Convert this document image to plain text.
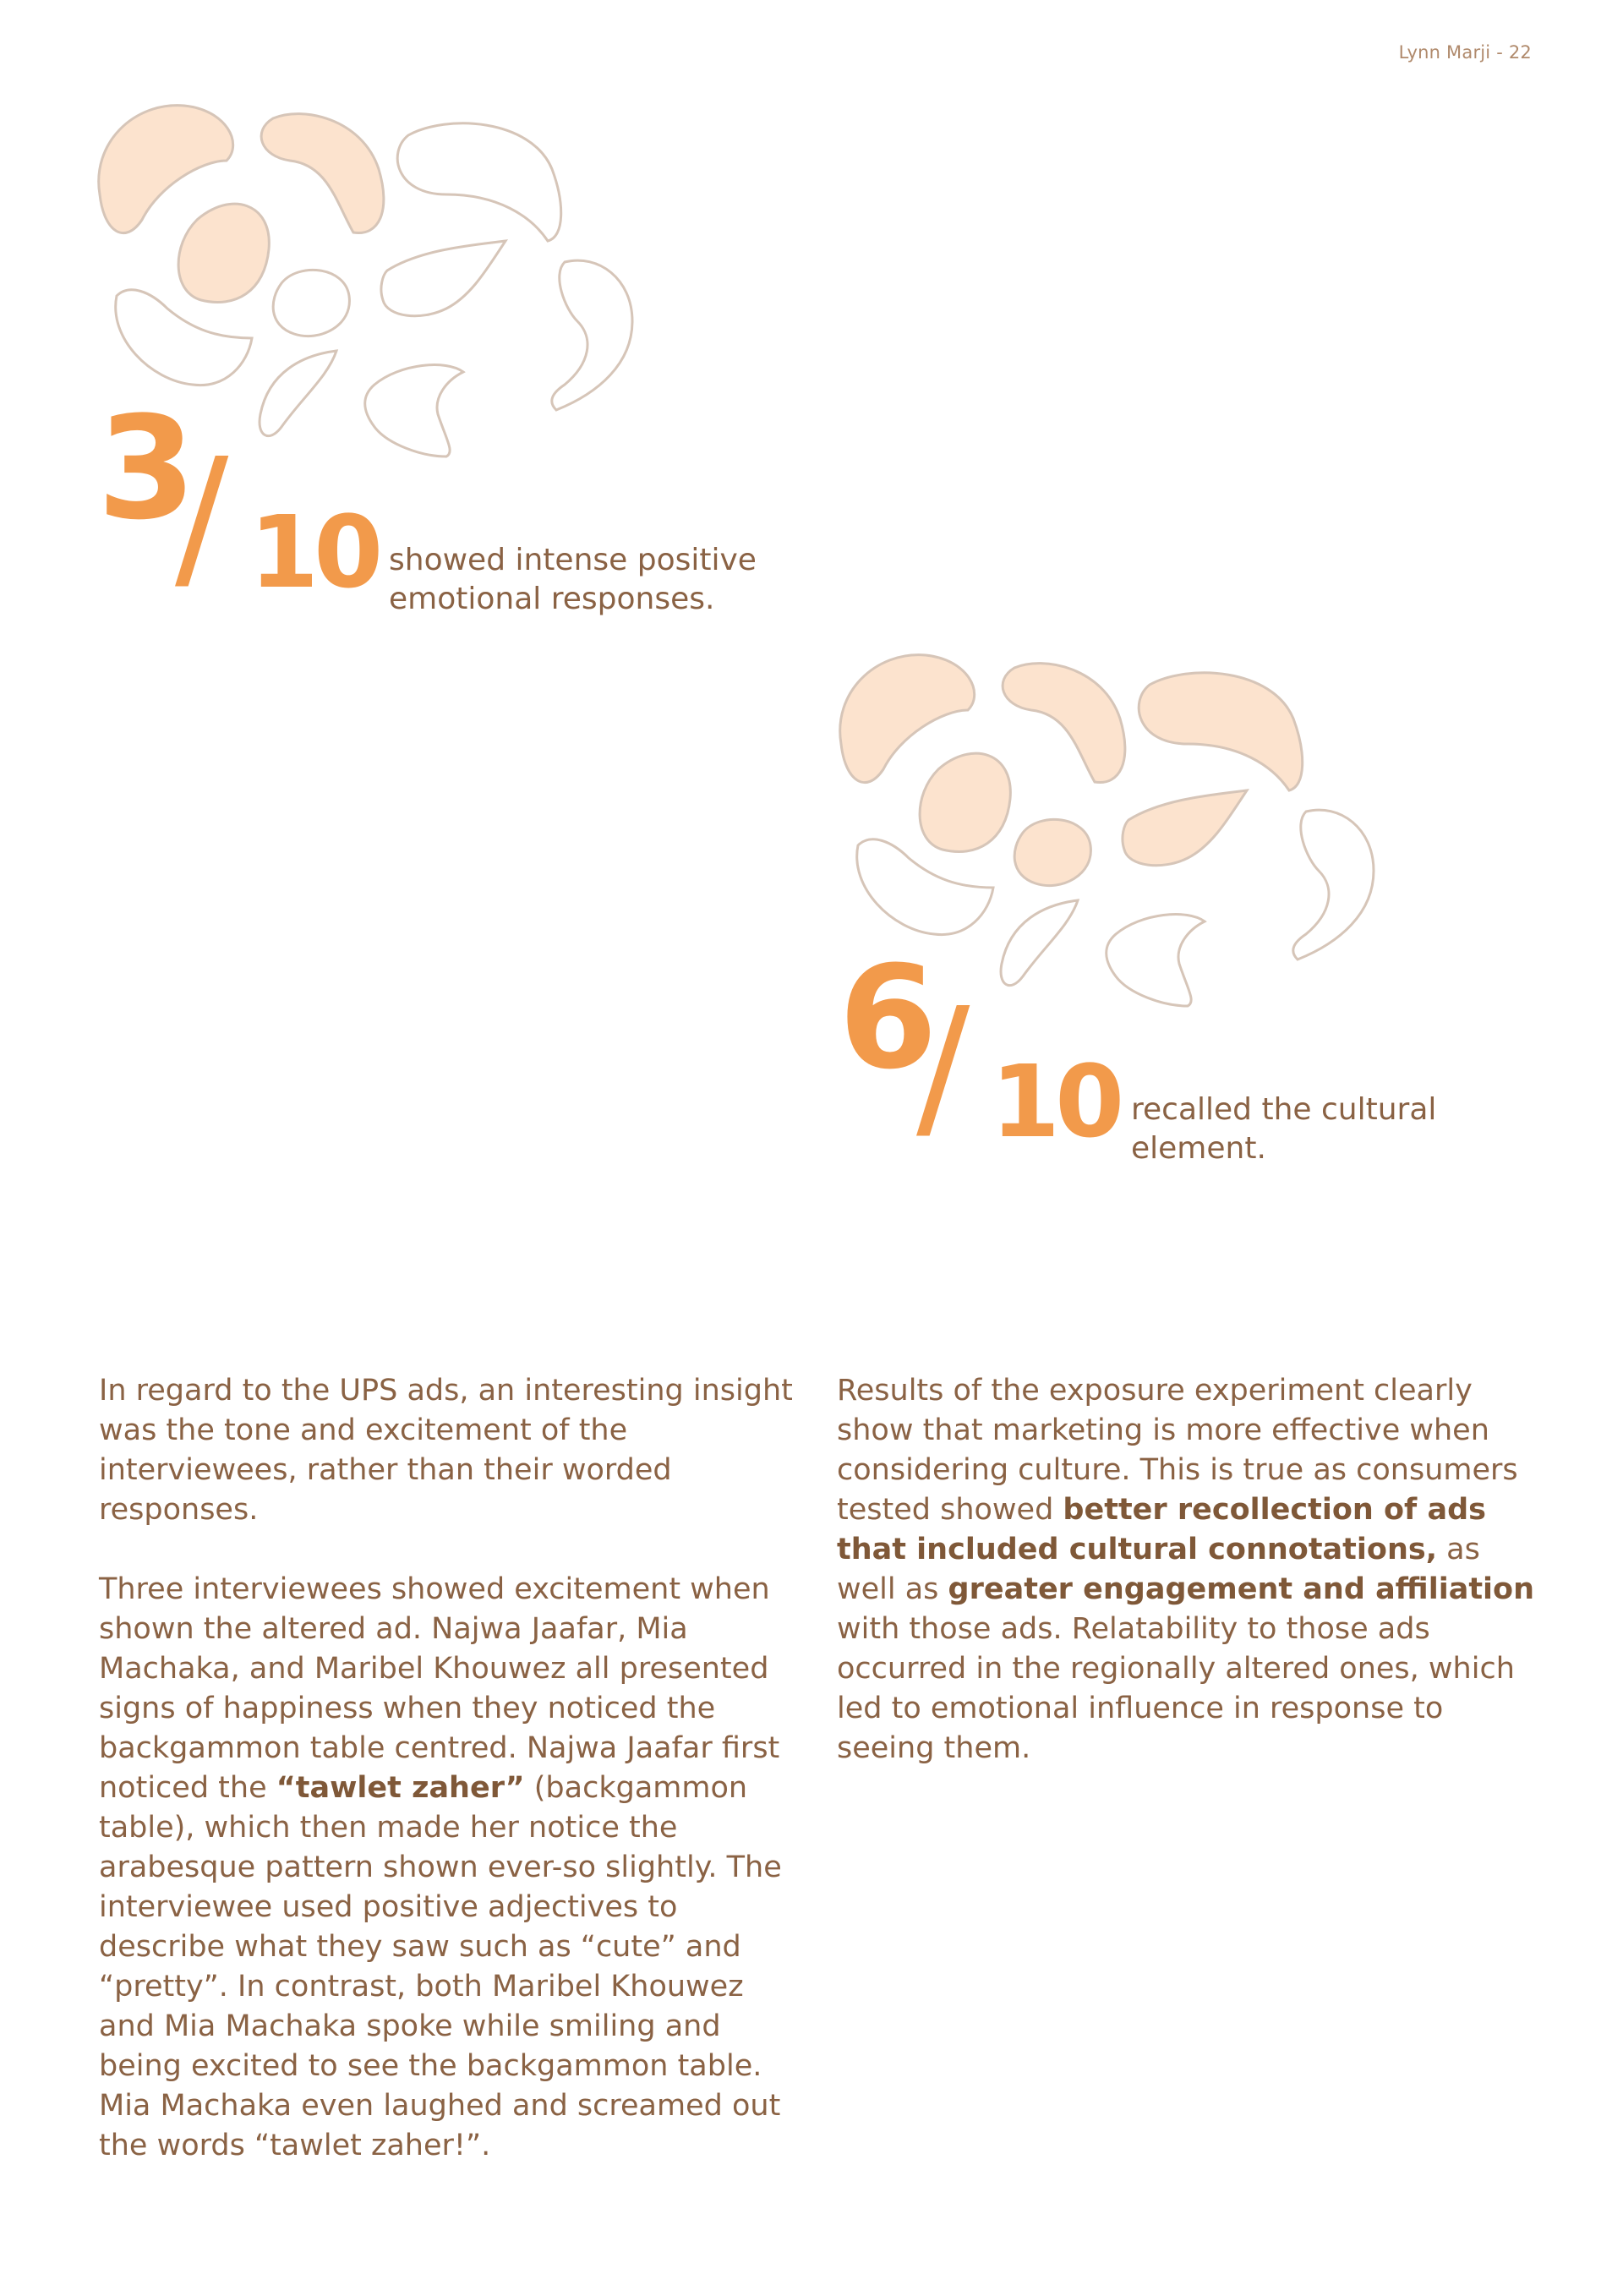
Lynn Marji - 22
3
/ 10 showed intense positive
emotional responses.
6
/ 10 recalled the cultural
element.

In regard to the UPS ads, an interesting insight was the tone and excitement of the interviewees, rather than their worded responses.

Three interviewees showed excitement when shown the altered ad. Najwa Jaafar, Mia Machaka, and Maribel Khouwez all presented signs of happiness when they noticed the backgammon table centred. Najwa Jaafar first noticed the “tawlet zaher” (backgammon table), which then made her notice the arabesque pattern shown ever-so slightly. The interviewee used positive adjectives to describe what they saw such as “cute” and “pretty”. In contrast, both Maribel Khouwez and Mia Machaka spoke while smiling and being excited to see the backgammon table. Mia Machaka even laughed and screamed out the words “tawlet zaher!”.

Results of the exposure experiment clearly show that marketing is more effective when considering culture. This is true as consumers tested showed better recollection of ads that included cultural connotations, as well as greater engagement and affiliation with those ads. Relatability to those ads occurred in the regionally altered ones, which led to emotional influence in response to seeing them.
